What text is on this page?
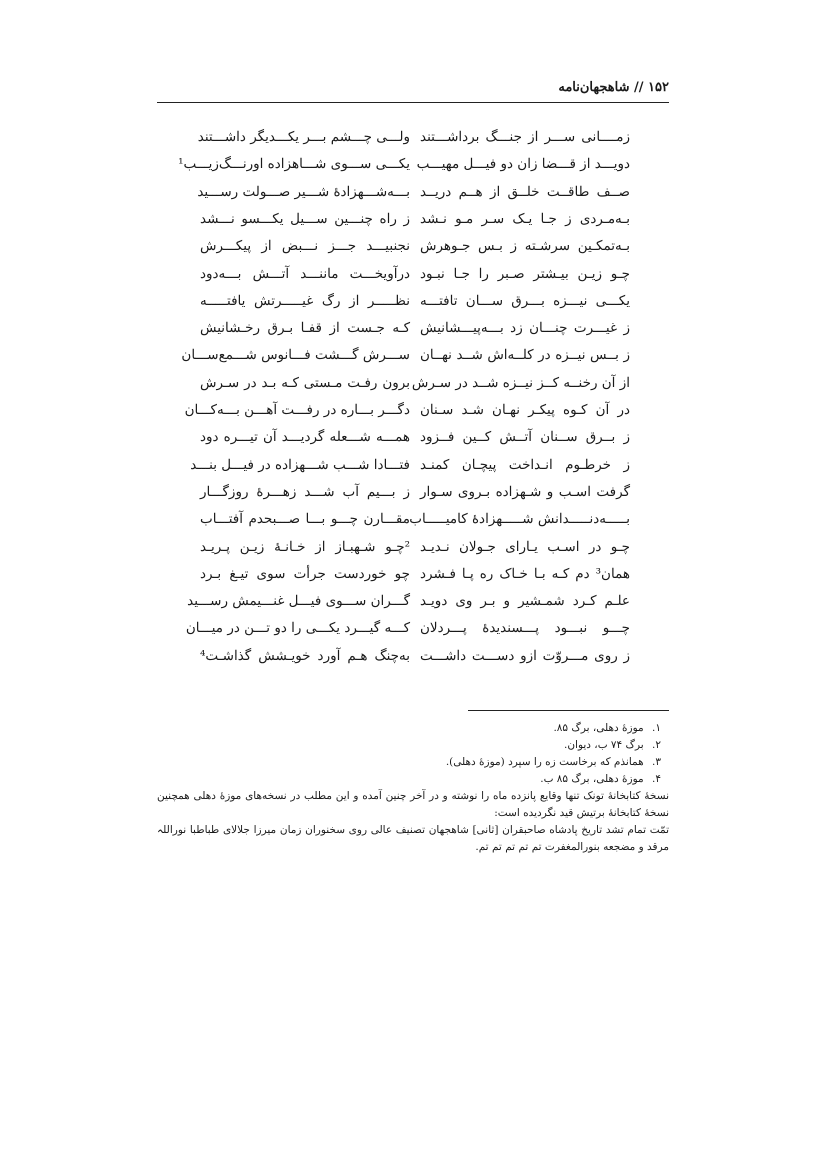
۱۵۲ // شاهجهان‌نامه
زمــــانی ســـر از جنـــگ برداشـــتند
ولـــی چـــشم بـــر یکـــدیگر داشـــتند
دویـــد از قـــضا زان دو فیـــل مهیـــب
یکـــی ســـوی شـــاهزاده اورنـــگ‌زیـــب¹
صــف طاقــت خلــق از هــم دریــد
بـــه‌شـــهزادۀ شـــیر صـــولت رســـید
بـه‌مـردی ز جـا یـک سـر مـو نـشد
ز راه چنـــین ســـیل یکـــسو نـــشد
بـه‌تمکـین سرشـته ز بـس جـوهرش
نجنبیـــد جـــز نـــبض از پیکـــرش
چـو زیـن بیـشتر صـبر را جـا نبـود
درآویخـــت ماننـــد آتـــش بـــه‌دود
یکـــی نیـــزه بـــرق ســـان تافتـــه
نظـــــر از رگ غیـــــرتش یافتـــــه
ز غیـــرت چنـــان زد بـــه‌پیـــشانیش
کـه جـست از قفـا بـرق رخـشانیش
ز بــس نیــزه در کلــه‌اش شــد نهــان
ســـرش گـــشت فـــانوس شـــمع‌ســـان
از آن رخنــه کــز نیــزه شــد در سـرش
برون رفـت مـستی کـه بـد در سـرش
در آن کـوه پیکـر نهـان شـد سـنان
دگـــر بـــاره در رفـــت آهـــن بـــه‌کـــان
ز بــرق ســنان آتــش کــین فــزود
همـــه شـــعله گردیـــد آن تیـــره دود
ز خرطـوم انـداخت پیچـان کمنـد
فتـــادا شـــب شـــهزاده در فیـــل بنـــد
گرفت اسـب و شـهزاده بـروی سـوار
ز بـــیم آب شـــد زهـــرۀ روزگـــار
بـــــه‌دنـــــدانش شـــــهزادۀ کامیـــــاب
مقـــارن چـــو بـــا صـــبحدم آفتـــاب
چـو در اسـب یـارای جـولان نـدیـد
²چـو شـهبـاز از خـانـۀ زیـن پـریـد
همان³ دم کـه بـا خـاک ره پـا فـشرد
چو خوردست جرأت سوی تیـغ بـرد
علـم کـرد شمـشیر و بـر وی دویـد
گـــران ســـوی فیـــل غنـــیمش رســـید
چـــو نبـــود پـــسندیدۀ پـــردلان
کـــه گیـــرد یکـــی را دو تـــن در میـــان
ز روی مـــروّت ازو دســـت داشـــت
به‌چنگ هـم آورد خویـشش گذاشـت⁴
۱. موزۀ دهلی، برگ ۸۵.
۲. برگ ۷۴ ب، دیوان.
۳. همانذم که برخاست زه را سپرد (موزۀ دهلی).
۴. موزۀ دهلی، برگ ۸۵ ب.
نسخۀ کتابخانۀ تونک تنها وقایع پانزده ماه را نوشته و در آخر چنین آمده و این مطلب در نسخه‌های موزۀ دهلی همچنین نسخۀ کتابخانۀ برتیش قید نگردیده است:
تمّت تمام تشد تاریخ پادشاه صاحبقران [ثانی] شاهجهان تصنیف عالی روی سخنوران زمان میرزا جلالای طباطبا نوراللہ مرقد و مضجعه بنورالمغفرت تم تم تم تم تم.
